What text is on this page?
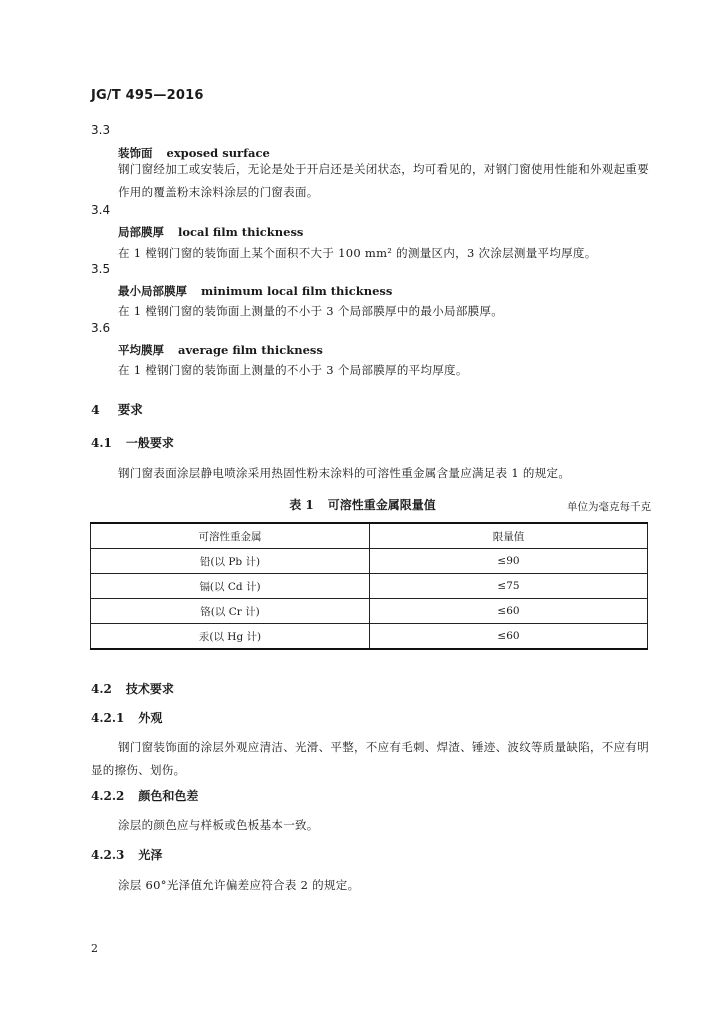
JG/T 495—2016
3.3
装饰面 exposed surface
钢门窗经加工或安装后，无论是处于开启还是关闭状态，均可看见的，对钢门窗使用性能和外观起重要作用的覆盖粉末涂料涂层的门窗表面。
3.4
局部膜厚 local film thickness
在 1 樘钢门窗的装饰面上某个面积不大于 100 mm² 的测量区内，3 次涂层测量平均厚度。
3.5
最小局部膜厚 minimum local film thickness
在 1 樘钢门窗的装饰面上测量的不小于 3 个局部膜厚中的最小局部膜厚。
3.6
平均膜厚 average film thickness
在 1 樘钢门窗的装饰面上测量的不小于 3 个局部膜厚的平均厚度。
4 要求
4.1 一般要求
钢门窗表面涂层静电喷涂采用热固性粉末涂料的可溶性重金属含量应满足表 1 的规定。
表 1 可溶性重金属限量值	单位为毫克每千克
可溶性重金属	限量值
铅(以 Pb 计)	≤90
镉(以 Cd 计)	≤75
铬(以 Cr 计)	≤60
汞(以 Hg 计)	≤60
4.2 技术要求
4.2.1 外观
钢门窗装饰面的涂层外观应清洁、光滑、平整，不应有毛刺、焊渣、锤迹、波纹等质量缺陷，不应有明显的擦伤、划伤。
4.2.2 颜色和色差
涂层的颜色应与样板或色板基本一致。
4.2.3 光泽
涂层 60°光泽值允许偏差应符合表 2 的规定。
2
